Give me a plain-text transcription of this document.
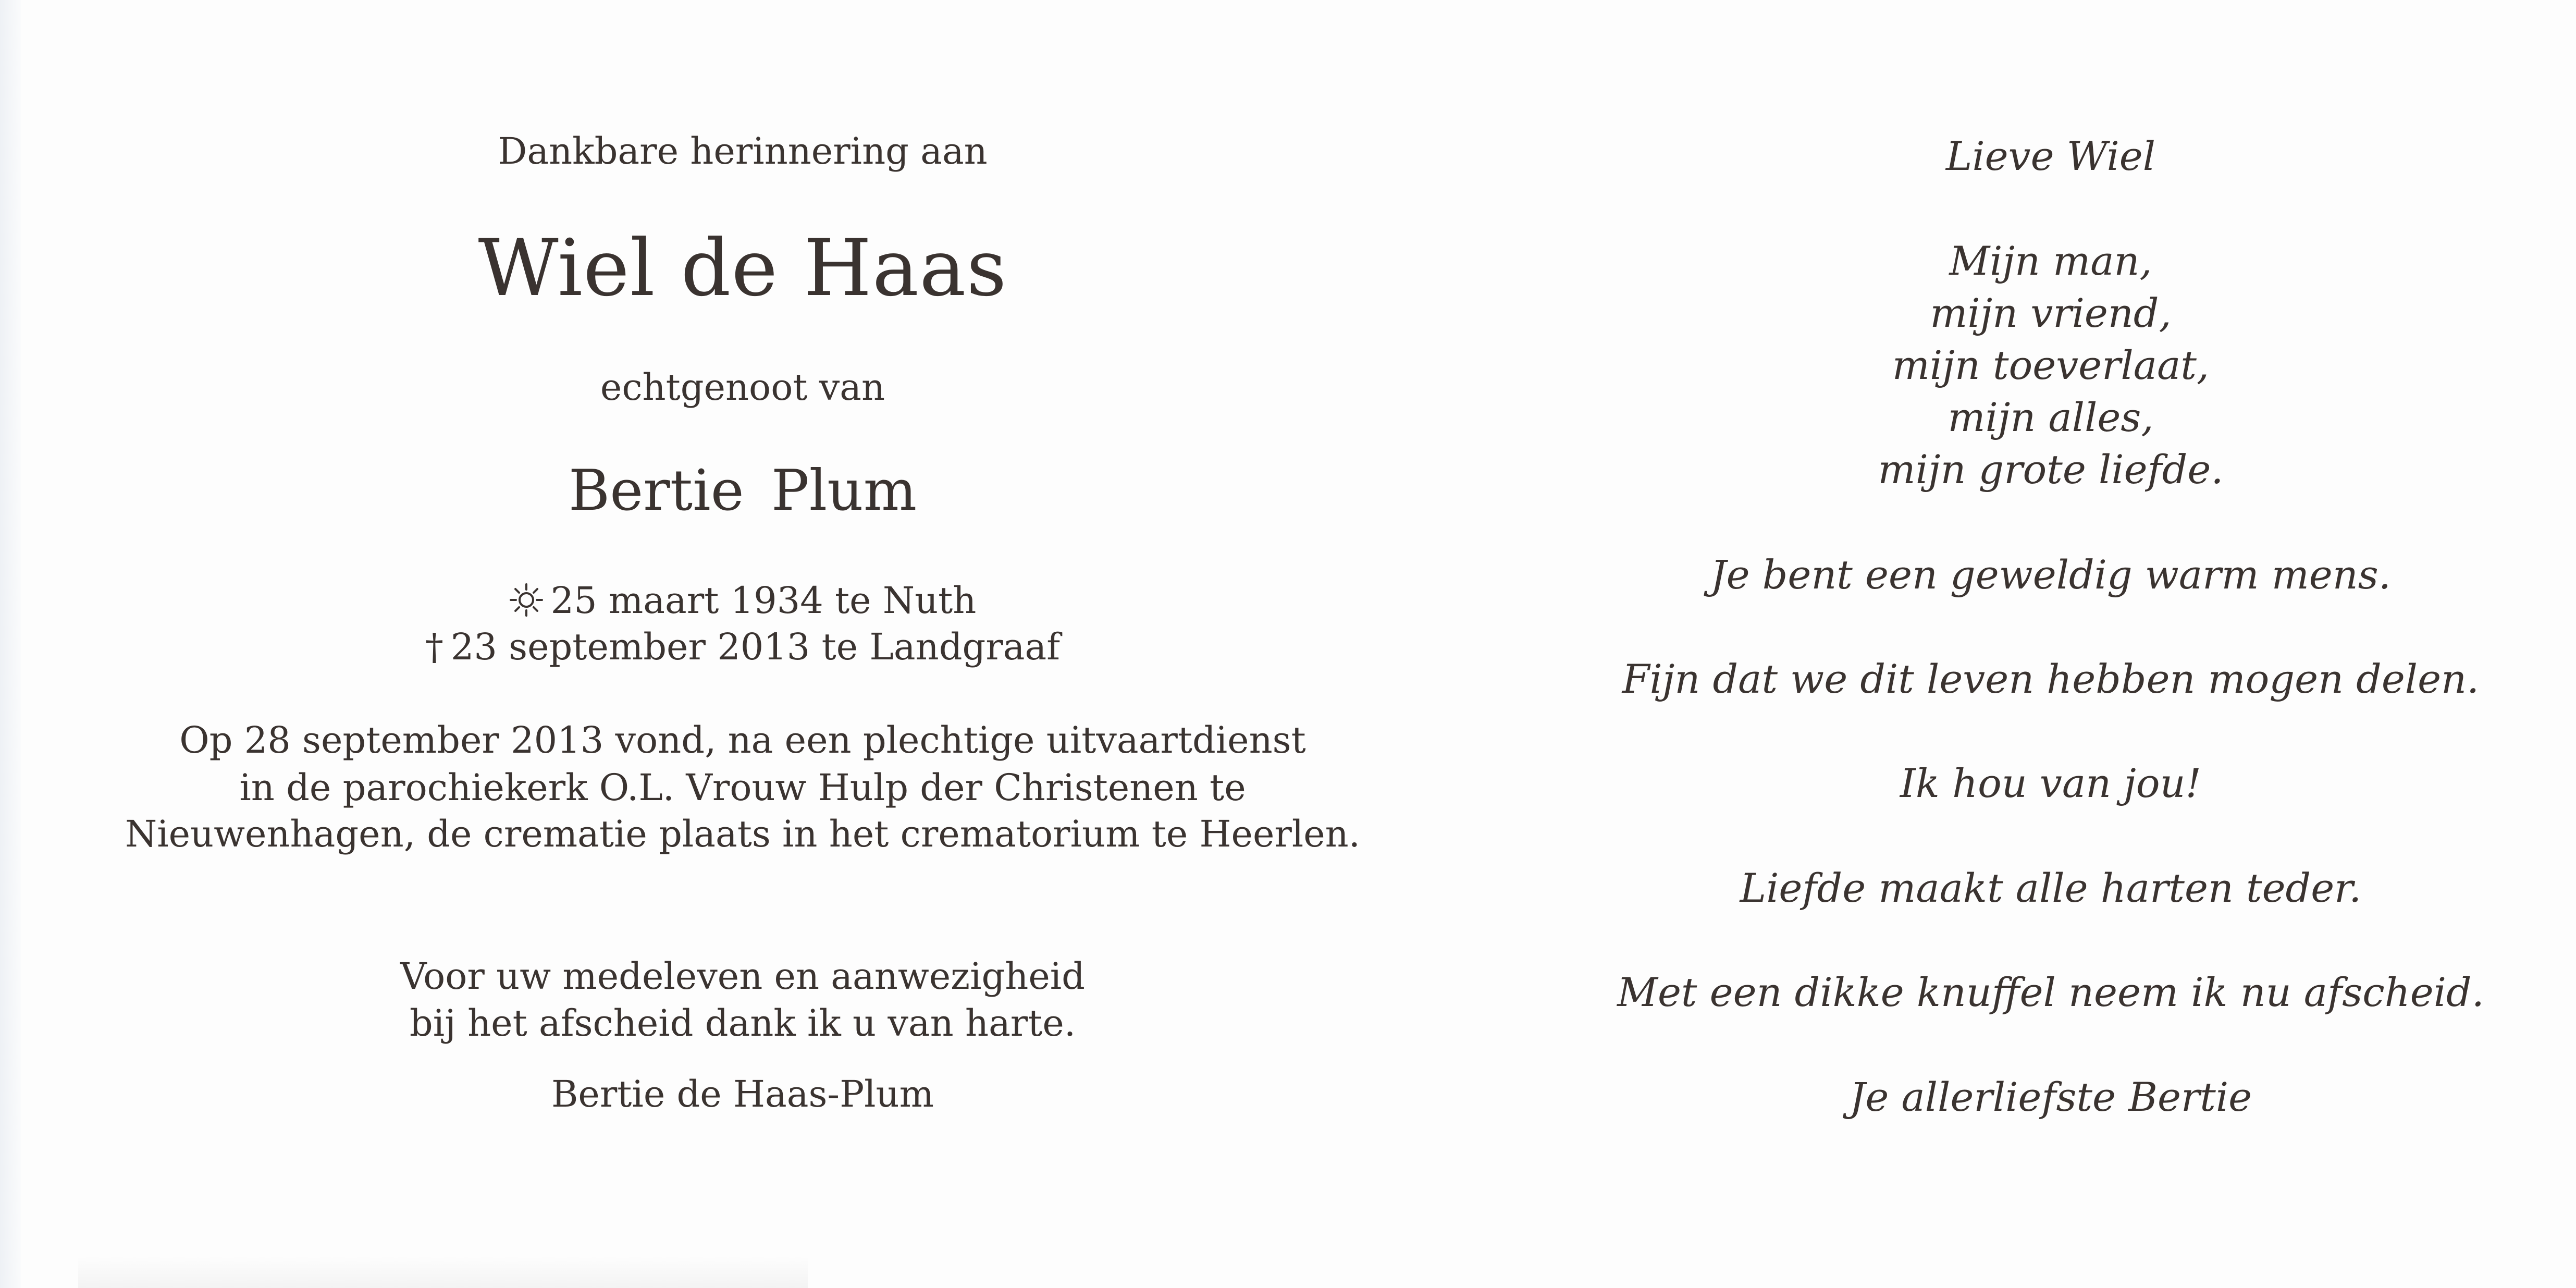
Dankbare herinnering aan
Wiel de Haas
echtgenoot van
Bertie Plum
25 maart 1934 te Nuth
† 23 september 2013 te Landgraaf
Op 28 september 2013 vond, na een plechtige uitvaartdienst
in de parochiekerk O.L. Vrouw Hulp der Christenen te
Nieuwenhagen, de crematie plaats in het crematorium te Heerlen.
Voor uw medeleven en aanwezigheid
bij het afscheid dank ik u van harte.
Bertie de Haas-Plum
Lieve Wiel
Mijn man,
mijn vriend,
mijn toeverlaat,
mijn alles,
mijn grote liefde.
Je bent een geweldig warm mens.
Fijn dat we dit leven hebben mogen delen.
Ik hou van jou!
Liefde maakt alle harten teder.
Met een dikke knuffel neem ik nu afscheid.
Je allerliefste Bertie
